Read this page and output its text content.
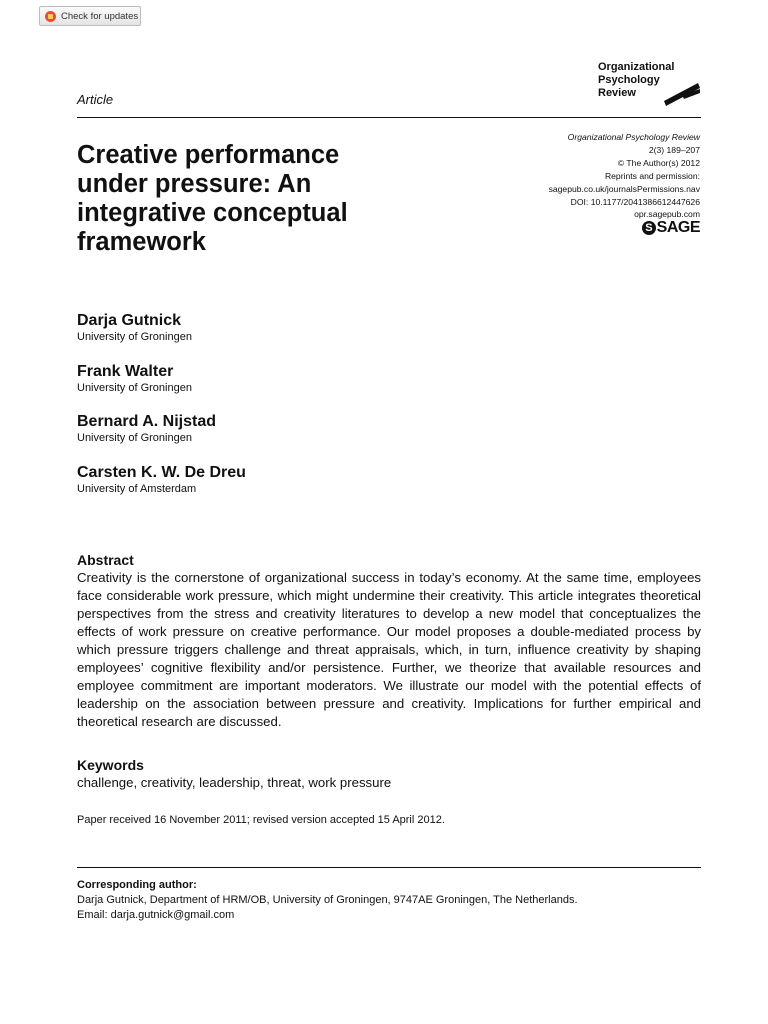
Check for updates
Organizational
Psychology
Review
Article
Creative performance under pressure: An integrative conceptual framework
Organizational Psychology Review
2(3) 189–207
© The Author(s) 2012
Reprints and permission:
sagepub.co.uk/journalsPermissions.nav
DOI: 10.1177/2041386612447626
opr.sagepub.com
S SAGE
Darja Gutnick
University of Groningen
Frank Walter
University of Groningen
Bernard A. Nijstad
University of Groningen
Carsten K. W. De Dreu
University of Amsterdam
Abstract
Creativity is the cornerstone of organizational success in today’s economy. At the same time, employees face considerable work pressure, which might undermine their creativity. This article integrates theoretical perspectives from the stress and creativity literatures to develop a new model that conceptualizes the effects of work pressure on creative performance. Our model proposes a double-mediated process by which pressure triggers challenge and threat appraisals, which, in turn, influence creativity by shaping employees’ cognitive flexibility and/or persistence. Further, we theorize that available resources and employee commitment are important moderators. We illustrate our model with the potential effects of leadership on the association between pressure and creativity. Implications for further empirical and theoretical research are discussed.
Keywords
challenge, creativity, leadership, threat, work pressure
Paper received 16 November 2011; revised version accepted 15 April 2012.
Corresponding author:
Darja Gutnick, Department of HRM/OB, University of Groningen, 9747AE Groningen, The Netherlands.
Email: darja.gutnick@gmail.com
